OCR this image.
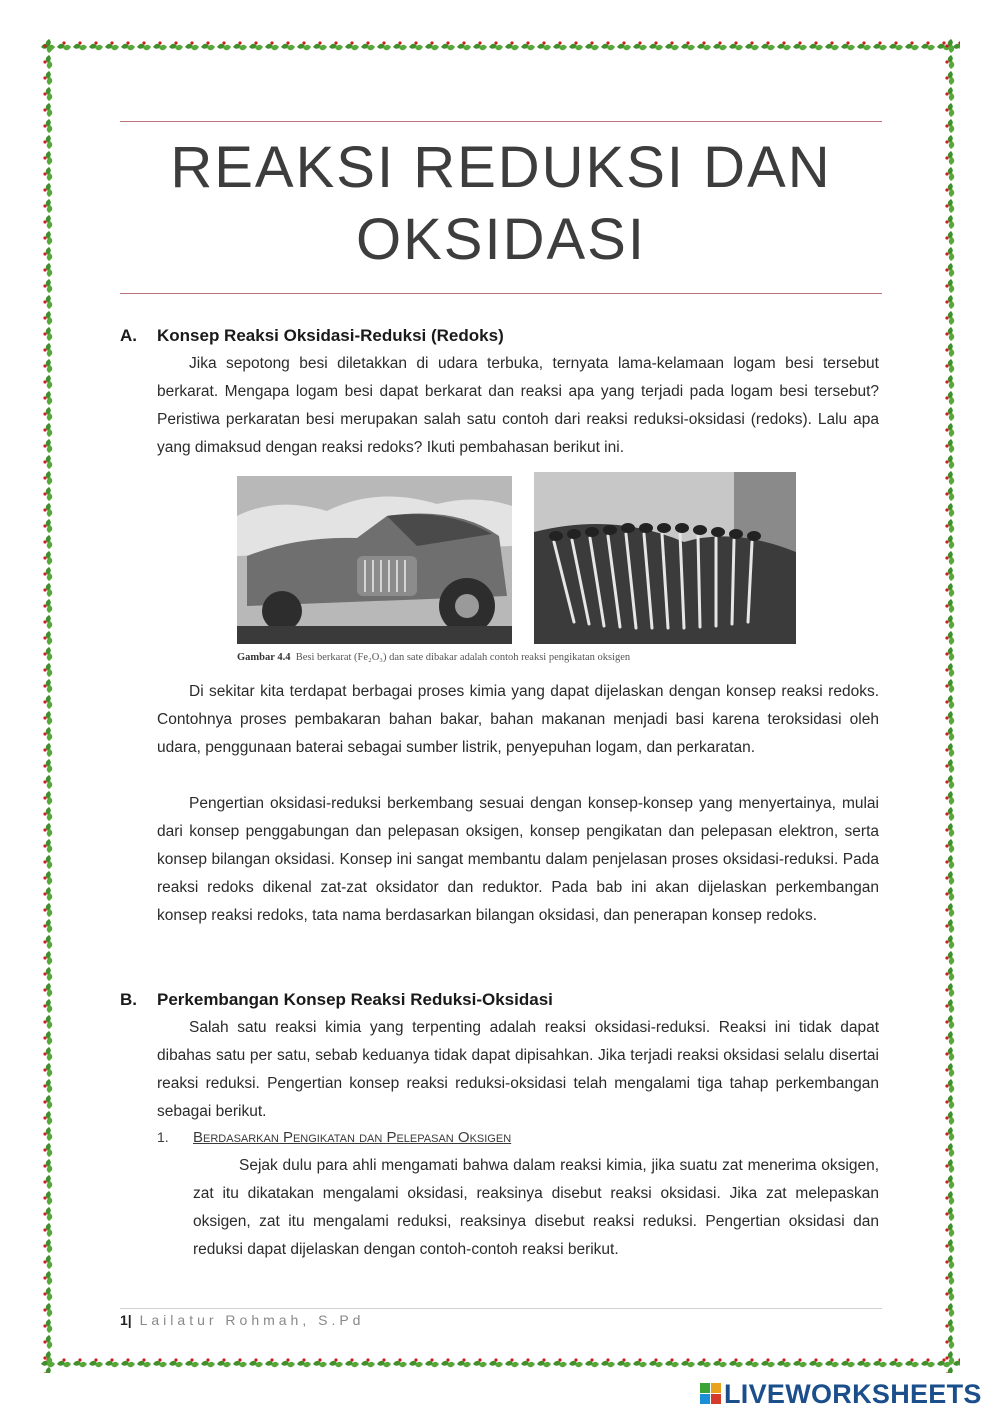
REAKSI REDUKSI DAN OKSIDASI
A. Konsep Reaksi Oksidasi-Reduksi (Redoks)

Jika sepotong besi diletakkan di udara terbuka, ternyata lama-kelamaan logam besi tersebut berkarat. Mengapa logam besi dapat berkarat dan reaksi apa yang terjadi pada logam besi tersebut? Peristiwa perkaratan besi merupakan salah satu contoh dari reaksi reduksi-oksidasi (redoks). Lalu apa yang dimaksud dengan reaksi redoks? Ikuti pembahasan berikut ini.

Gambar 4.4 Besi berkarat (Fe₂O₃) dan sate dibakar adalah contoh reaksi pengikatan oksigen

Di sekitar kita terdapat berbagai proses kimia yang dapat dijelaskan dengan konsep reaksi redoks. Contohnya proses pembakaran bahan bakar, bahan makanan menjadi basi karena teroksidasi oleh udara, penggunaan baterai sebagai sumber listrik, penyepuhan logam, dan perkaratan.

Pengertian oksidasi-reduksi berkembang sesuai dengan konsep-konsep yang menyertainya, mulai dari konsep penggabungan dan pelepasan oksigen, konsep pengikatan dan pelepasan elektron, serta konsep bilangan oksidasi. Konsep ini sangat membantu dalam penjelasan proses oksidasi-reduksi. Pada reaksi redoks dikenal zat-zat oksidator dan reduktor. Pada bab ini akan dijelaskan perkembangan konsep reaksi redoks, tata nama berdasarkan bilangan oksidasi, dan penerapan konsep redoks.

B. Perkembangan Konsep Reaksi Reduksi-Oksidasi

Salah satu reaksi kimia yang terpenting adalah reaksi oksidasi-reduksi. Reaksi ini tidak dapat dibahas satu per satu, sebab keduanya tidak dapat dipisahkan. Jika terjadi reaksi oksidasi selalu disertai reaksi reduksi. Pengertian konsep reaksi reduksi-oksidasi telah mengalami tiga tahap perkembangan sebagai berikut.

1. Berdasarkan Pengikatan dan Pelepasan Oksigen

Sejak dulu para ahli mengamati bahwa dalam reaksi kimia, jika suatu zat menerima oksigen, zat itu dikatakan mengalami oksidasi, reaksinya disebut reaksi oksidasi. Jika zat melepaskan oksigen, zat itu mengalami reduksi, reaksinya disebut reaksi reduksi. Pengertian oksidasi dan reduksi dapat dijelaskan dengan contoh-contoh reaksi berikut.

1| Lailatur Rohmah, S.Pd
LIVEWORKSHEETS
